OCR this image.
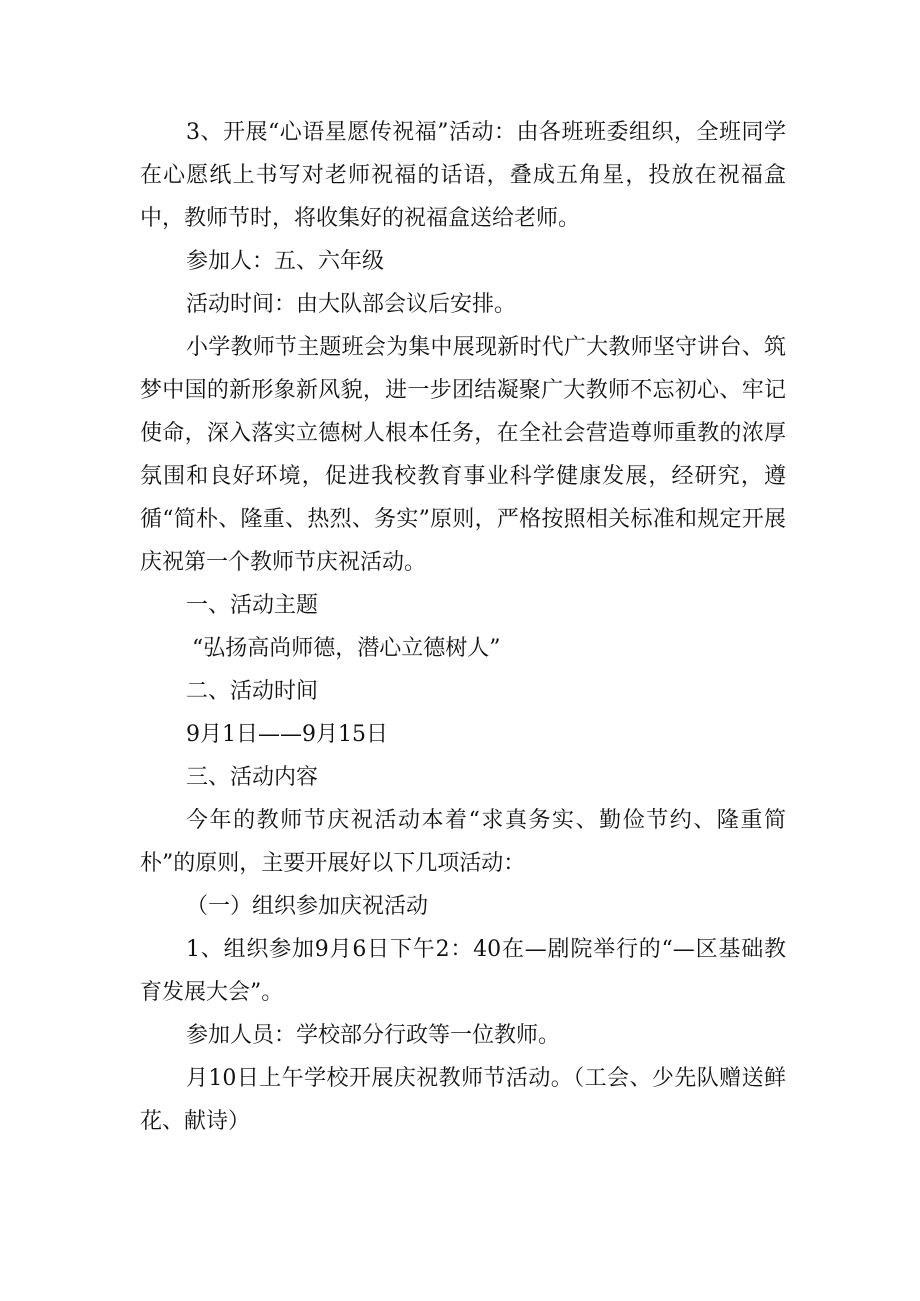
3、开展“心语星愿传祝福”活动：由各班班委组织，全班同学在心愿纸上书写对老师祝福的话语，叠成五角星，投放在祝福盒中，教师节时，将收集好的祝福盒送给老师。

参加人：五、六年级

活动时间：由大队部会议后安排。

小学教师节主题班会为集中展现新时代广大教师坚守讲台、筑梦中国的新形象新风貌，进一步团结凝聚广大教师不忘初心、牢记使命，深入落实立德树人根本任务，在全社会营造尊师重教的浓厚氛围和良好环境，促进我校教育事业科学健康发展，经研究，遵循“简朴、隆重、热烈、务实”原则，严格按照相关标准和规定开展庆祝第一个教师节庆祝活动。

一、活动主题

“弘扬高尚师德，潜心立德树人”

二、活动时间

9月1日——9月15日

三、活动内容

今年的教师节庆祝活动本着“求真务实、勤俭节约、隆重简朴”的原则，主要开展好以下几项活动：

（一）组织参加庆祝活动

1、组织参加9月6日下午2：40在—剧院举行的“—区基础教育发展大会”。

参加人员：学校部分行政等一位教师。

月10日上午学校开展庆祝教师节活动。（工会、少先队赠送鲜花、献诗）
